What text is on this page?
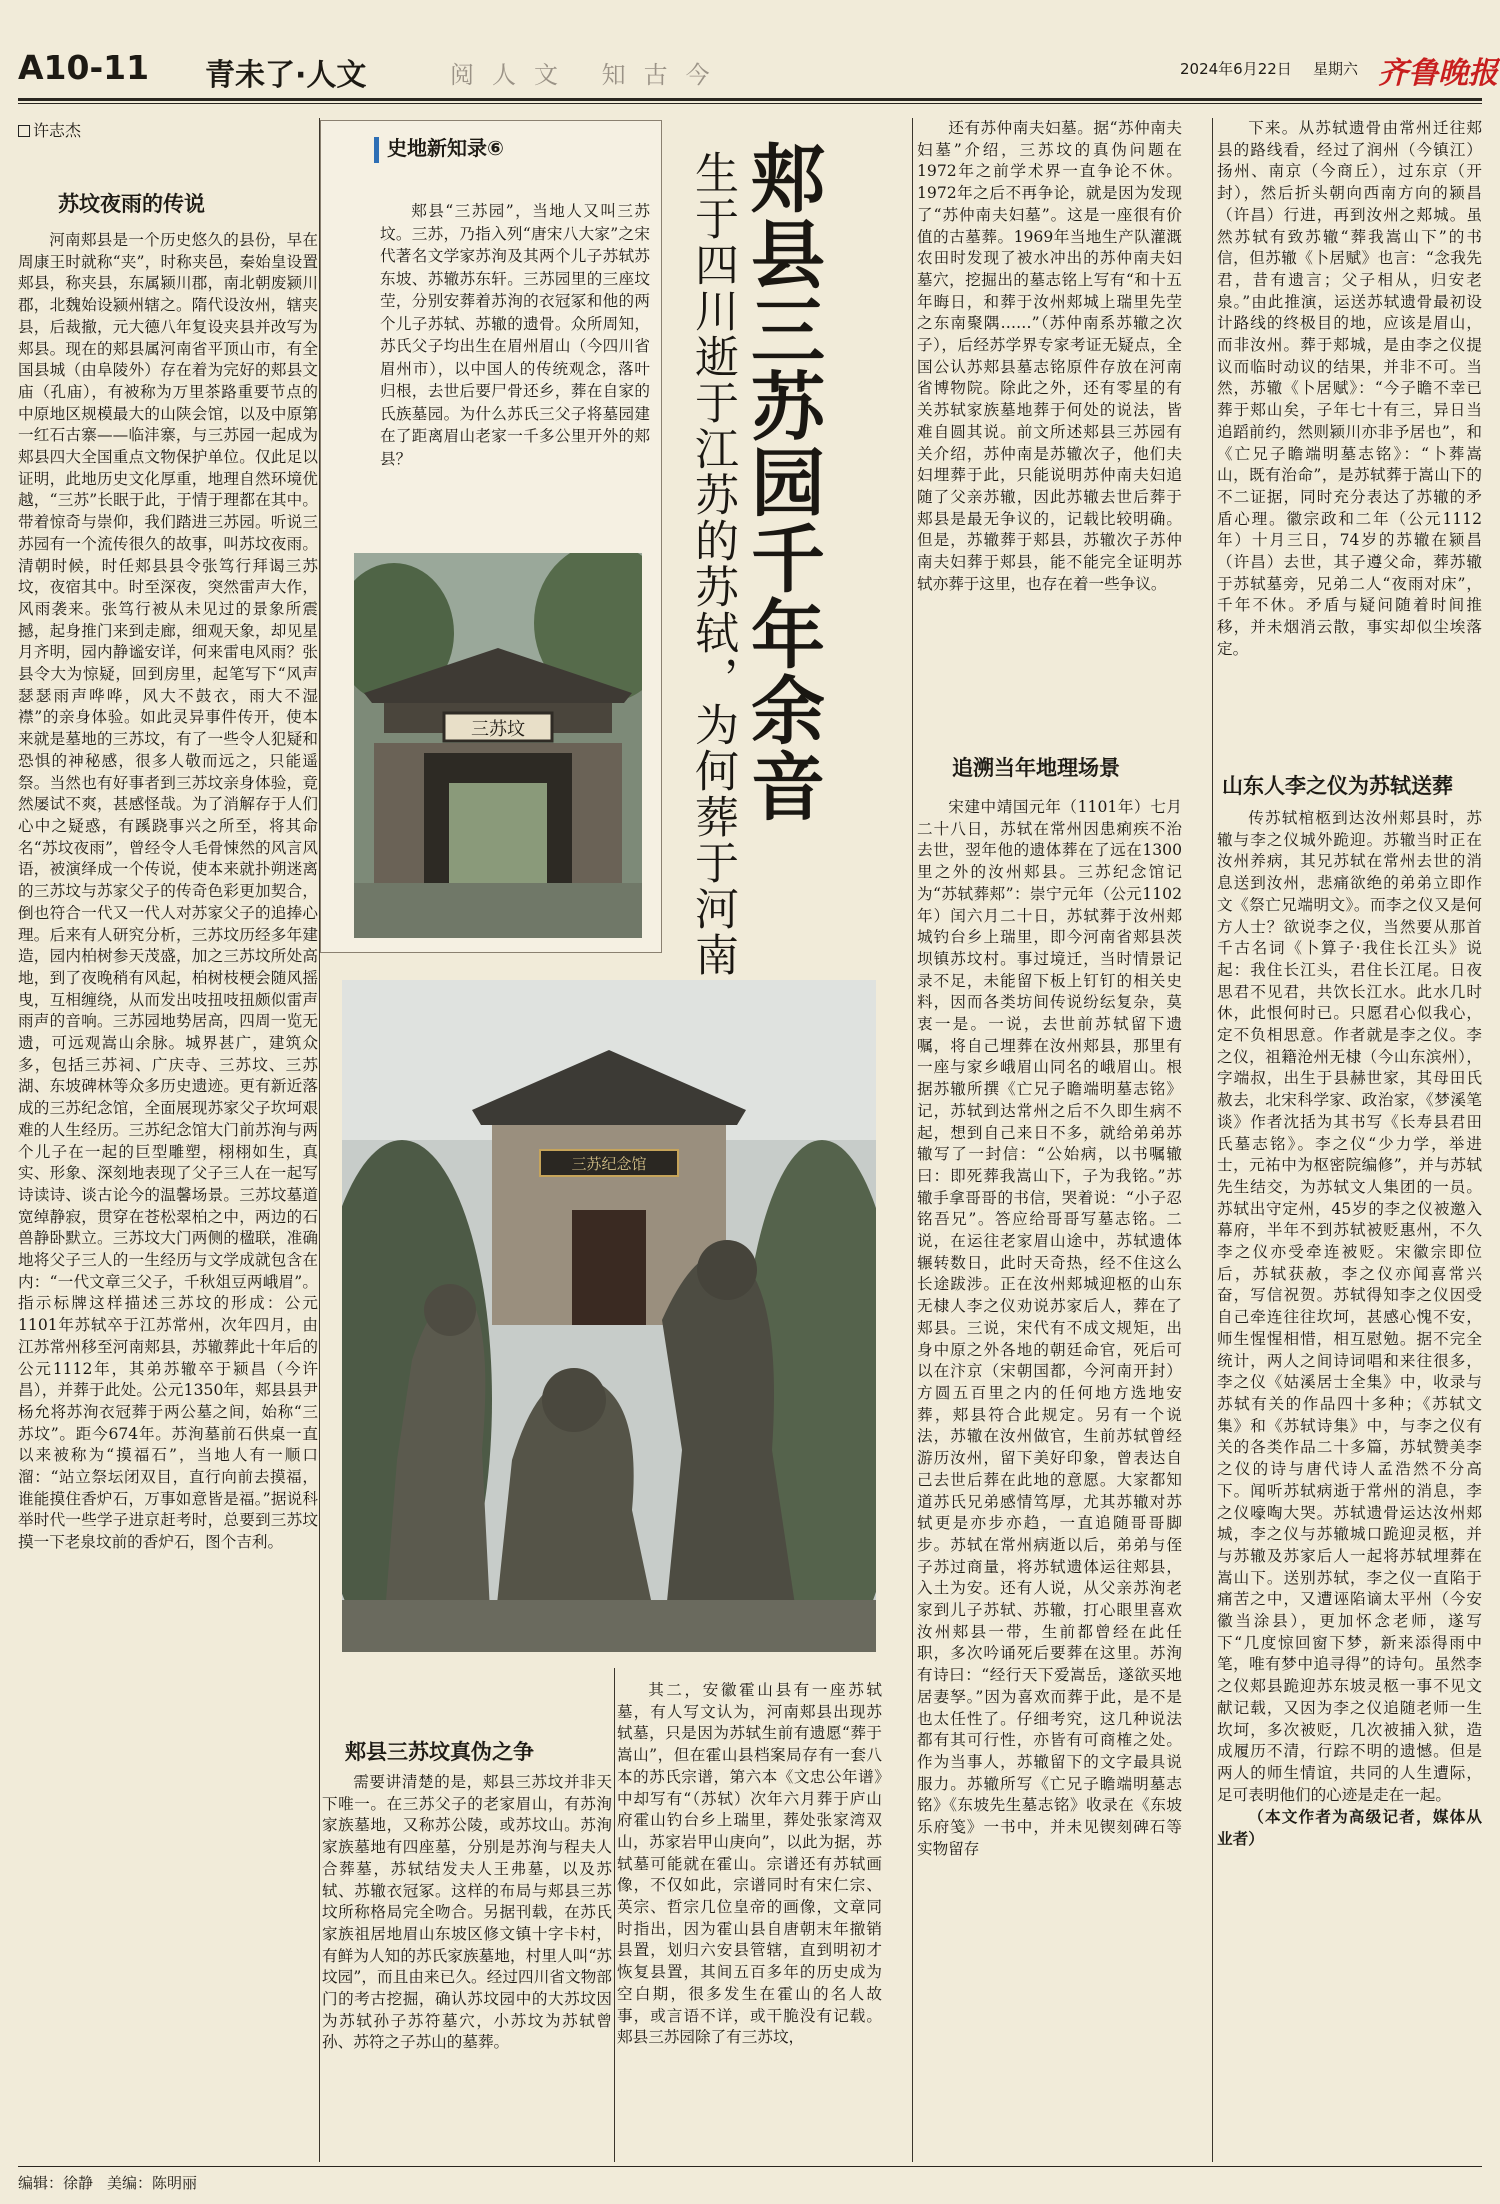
A10-11 青未了·人文	阅人文 知古今	2024年6月22日 星期六 齐鲁晚报
许志杰
苏坟夜雨的传说

河南郏县是一个历史悠久的县份，早在周康王时就称“夹”，时称夹邑，秦始皇设置郏县，称夹县，东属颍川郡，南北朝废颍川郡，北魏始设颍州辖之。隋代设汝州，辖夹县，后裁撤，元大德八年复设夹县并改写为郏县。现在的郏县属河南省平顶山市，有全国县城（由阜陵外）存在着为完好的郏县文庙（孔庙），有被称为万里茶路重要节点的中原地区规模最大的山陕会馆，以及中原第一红石古寨——临沣寨，与三苏园一起成为郏县四大全国重点文物保护单位。仅此足以证明，此地历史文化厚重，地理自然环境优越，“三苏”长眠于此，于情于理都在其中。带着惊奇与崇仰，我们踏进三苏园。听说三苏园有一个流传很久的故事，叫苏坟夜雨。清朝时候，时任郏县县令张笃行拜谒三苏坟，夜宿其中。时至深夜，突然雷声大作，风雨袭来。张笃行被从未见过的景象所震撼，起身推门来到走廊，细观天象，却见星月齐明，园内静谧安详，何来雷电风雨？张县令大为惊疑，回到房里，起笔写下“风声瑟瑟雨声哗哗，风大不鼓衣，雨大不湿襟”的亲身体验。如此灵异事件传开，使本来就是墓地的三苏坟，有了一些令人犯疑和恐惧的神秘感，很多人敬而远之，只能遥祭。当然也有好事者到三苏坟亲身体验，竟然屡试不爽，甚感怪哉。为了消解存于人们心中之疑惑，有蹊跷事兴之所至，将其命名“苏坟夜雨”，曾经令人毛骨悚然的风言风语，被演绎成一个传说，使本来就扑朔迷离的三苏坟与苏家父子的传奇色彩更加契合，倒也符合一代又一代人对苏家父子的追捧心理。后来有人研究分析，三苏坟历经多年建造，园内柏树参天茂盛，加之三苏坟所处高地，到了夜晚稍有风起，柏树枝梗会随风摇曳，互相缠绕，从而发出吱扭吱扭颇似雷声雨声的音响。三苏园地势居高，四周一览无遗，可远观嵩山余脉。城界甚广，建筑众多，包括三苏祠、广庆寺、三苏坟、三苏湖、东坡碑林等众多历史遗迹。更有新近落成的三苏纪念馆，全面展现苏家父子坎坷艰难的人生经历。三苏纪念馆大门前苏洵与两个儿子在一起的巨型雕塑，栩栩如生，真实、形象、深刻地表现了父子三人在一起写诗读诗、谈古论今的温馨场景。三苏坟墓道宽绰静寂，贯穿在苍松翠柏之中，两边的石兽静卧默立。三苏坟大门两侧的楹联，准确地将父子三人的一生经历与文学成就包含在内：“一代文章三父子，千秋俎豆两峨眉”。指示标牌这样描述三苏坟的形成：公元1101年苏轼卒于江苏常州，次年四月，由江苏常州移至河南郏县，苏辙葬此十年后的公元1112年，其弟苏辙卒于颍昌（今许昌），并葬于此处。公元1350年，郏县县尹杨允将苏洵衣冠葬于两公墓之间，始称“三苏坟”。距今674年。苏洵墓前石供桌一直以来被称为“摸福石”，当地人有一顺口溜：“站立祭坛闭双目，直行向前去摸福，谁能摸住香炉石，万事如意皆是福。”据说科举时代一些学子进京赶考时，总要到三苏坟摸一下老泉坟前的香炉石，图个吉利。

史地新知录⑥

郏县“三苏园”，当地人又叫三苏坟。三苏，乃指入列“唐宋八大家”之宋代著名文学家苏洵及其两个儿子苏轼苏东坡、苏辙苏东轩。三苏园里的三座坟茔，分别安葬着苏洵的衣冠冢和他的两个儿子苏轼、苏辙的遗骨。众所周知，苏氏父子均出生在眉州眉山（今四川省眉州市），以中国人的传统观念，落叶归根，去世后要尸骨还乡，葬在自家的氏族墓园。为什么苏氏三父子将墓园建在了距离眉山老家一千多公里开外的郏县？

三苏坟
三苏纪念馆
郏县三苏园千年余音
生于四川逝于江苏的苏轼，为何葬于河南
郏县三苏坟真伪之争

需要讲清楚的是，郏县三苏坟并非天下唯一。在三苏父子的老家眉山，有苏洵家族墓地，又称苏公陵，或苏坟山。苏洵家族墓地有四座墓，分别是苏洵与程夫人合葬墓，苏轼结发夫人王弗墓，以及苏轼、苏辙衣冠冢。这样的布局与郏县三苏坟所称格局完全吻合。另据刊载，在苏氏家族祖居地眉山东坡区修文镇十字卡村，有鲜为人知的苏氏家族墓地，村里人叫“苏坟园”，而且由来已久。经过四川省文物部门的考古挖掘，确认苏坟园中的大苏坟因为苏轼孙子苏符墓穴，小苏坟为苏轼曾孙、苏符之子苏山的墓葬。

其二，安徽霍山县有一座苏轼墓，有人写文认为，河南郏县出现苏轼墓，只是因为苏轼生前有遗愿“葬于嵩山”，但在霍山县档案局存有一套八本的苏氏宗谱，第六本《文忠公年谱》中却写有“（苏轼）次年六月葬于庐山府霍山钓台乡上瑞里，葬处张家湾双山，苏家岩甲山庚向”，以此为据，苏轼墓可能就在霍山。宗谱还有苏轼画像，不仅如此，宗谱同时有宋仁宗、英宗、哲宗几位皇帝的画像，文章同时指出，因为霍山县自唐朝末年撤销县置，划归六安县管辖，直到明初才恢复县置，其间五百多年的历史成为空白期，很多发生在霍山的名人故事，或言语不详，或干脆没有记载。郏县三苏园除了有三苏坟，

还有苏仲南夫妇墓。据“苏仲南夫妇墓”介绍，三苏坟的真伪问题在1972年之前学术界一直争论不休。1972年之后不再争论，就是因为发现了“苏仲南夫妇墓”。这是一座很有价值的古墓葬。1969年当地生产队灌溉农田时发现了被水冲出的苏仲南夫妇墓穴，挖掘出的墓志铭上写有“和十五年晦日，和葬于汝州郏城上瑞里先茔之东南聚隅……”（苏仲南系苏辙之次子），后经苏学界专家考证无疑点，全国公认苏郏县墓志铭原件存放在河南省博物院。除此之外，还有零星的有关苏轼家族墓地葬于何处的说法，皆难自圆其说。前文所述郏县三苏园有关介绍，苏仲南是苏辙次子，他们夫妇埋葬于此，只能说明苏仲南夫妇追随了父亲苏辙，因此苏辙去世后葬于郏县是最无争议的，记载比较明确。但是，苏辙葬于郏县，苏辙次子苏仲南夫妇葬于郏县，能不能完全证明苏轼亦葬于这里，也存在着一些争议。

追溯当年地理场景

宋建中靖国元年（1101年）七月二十八日，苏轼在常州因患痢疾不治去世，翌年他的遗体葬在了远在1300里之外的汝州郏县。三苏纪念馆记为“苏轼葬郏”：崇宁元年（公元1102年）闰六月二十日，苏轼葬于汝州郏城钓台乡上瑞里，即今河南省郏县茨坝镇苏坟村。事过境迁，当时情景记录不足，未能留下板上钉钉的相关史料，因而各类坊间传说纷纭复杂，莫衷一是。一说，去世前苏轼留下遗嘱，将自己埋葬在汝州郏县，那里有一座与家乡峨眉山同名的峨眉山。根据苏辙所撰《亡兄子瞻端明墓志铭》记，苏轼到达常州之后不久即生病不起，想到自己来日不多，就给弟弟苏辙写了一封信：“公始病，以书嘱辙曰：即死葬我嵩山下，子为我铭。”苏辙手拿哥哥的书信，哭着说：“小子忍铭吾兄”。答应给哥哥写墓志铭。二说，在运往老家眉山途中，苏轼遗体辗转数日，此时天奇热，经不住这么长途跋涉。正在汝州郏城迎柩的山东无棣人李之仪劝说苏家后人，葬在了郏县。三说，宋代有不成文规矩，出身中原之外各地的朝廷命官，死后可以在汴京（宋朝国都，今河南开封）方圆五百里之内的任何地方选地安葬，郏县符合此规定。另有一个说法，苏辙在汝州做官，生前苏轼曾经游历汝州，留下美好印象，曾表达自己去世后葬在此地的意愿。大家都知道苏氏兄弟感情笃厚，尤其苏辙对苏轼更是亦步亦趋，一直追随哥哥脚步。苏轼在常州病逝以后，弟弟与侄子苏过商量，将苏轼遗体运往郏县，入土为安。还有人说，从父亲苏洵老家到儿子苏轼、苏辙，打心眼里喜欢汝州郏县一带，生前都曾经在此任职，多次吟诵死后要葬在这里。苏洵有诗曰：“经行天下爱嵩岳，遂欲买地居妻孥。”因为喜欢而葬于此，是不是也太任性了。仔细考究，这几种说法都有其可行性，亦皆有可商榷之处。作为当事人，苏辙留下的文字最具说服力。苏辙所写《亡兄子瞻端明墓志铭》《东坡先生墓志铭》收录在《东坡乐府笺》一书中，并未见锲刻碑石等实物留存

下来。从苏轼遗骨由常州迁往郏县的路线看，经过了润州（今镇江）扬州、南京（今商丘），过东京（开封），然后折头朝向西南方向的颍昌（许昌）行进，再到汝州之郏城。虽然苏轼有致苏辙“葬我嵩山下”的书信，但苏辙《卜居赋》也言：“念我先君，昔有遗言；父子相从，归安老泉。”由此推演，运送苏轼遗骨最初设计路线的终极目的地，应该是眉山，而非汝州。葬于郏城，是由李之仪提议而临时动议的结果，并非不可。当然，苏辙《卜居赋》：“今子瞻不幸已葬于郏山矣，子年七十有三，异日当追蹈前约，然则颍川亦非予居也”，和《亡兄子瞻端明墓志铭》：“卜葬嵩山，既有治命”，是苏轼葬于嵩山下的不二证据，同时充分表达了苏辙的矛盾心理。徽宗政和二年（公元1112年）十月三日，74岁的苏辙在颍昌（许昌）去世，其子遵父命，葬苏辙于苏轼墓旁，兄弟二人“夜雨对床”，千年不休。矛盾与疑问随着时间推移，并未烟消云散，事实却似尘埃落定。

山东人李之仪为苏轼送葬

传苏轼棺柩到达汝州郏县时，苏辙与李之仪城外跪迎。苏辙当时正在汝州养病，其兄苏轼在常州去世的消息送到汝州，悲痛欲绝的弟弟立即作文《祭亡兄端明文》。而李之仪又是何方人士？欲说李之仪，当然要从那首千古名词《卜算子·我住长江头》说起：我住长江头，君住长江尾。日夜思君不见君，共饮长江水。此水几时休，此恨何时已。只愿君心似我心，定不负相思意。作者就是李之仪。李之仪，祖籍沧州无棣（今山东滨州），字端叔，出生于县赫世家，其母田氏赦去，北宋科学家、政治家，《梦溪笔谈》作者沈括为其书写《长寿县君田氏墓志铭》。李之仪“少力学，举进士，元祐中为枢密院编修”，并与苏轼先生结交，为苏轼文人集团的一员。苏轼出守定州，45岁的李之仪被邀入幕府，半年不到苏轼被贬惠州，不久李之仪亦受牵连被贬。宋徽宗即位后，苏轼获赦，李之仪亦闻喜常兴奋，写信祝贺。苏轼得知李之仪因受自己牵连往往坎坷，甚感心愧不安，师生惺惺相惜，相互慰勉。据不完全统计，两人之间诗词唱和来往很多，李之仪《姑溪居士全集》中，收录与苏轼有关的作品四十多种；《苏轼文集》和《苏轼诗集》中，与李之仪有关的各类作品二十多篇，苏轼赞美李之仪的诗与唐代诗人孟浩然不分高下。闻听苏轼病逝于常州的消息，李之仪嚎啕大哭。苏轼遗骨运达汝州郏城，李之仪与苏辙城口跪迎灵柩，并与苏辙及苏家后人一起将苏轼埋葬在嵩山下。送别苏轼，李之仪一直陷于痛苦之中，又遭诬陷谪太平州（今安徽当涂县），更加怀念老师，遂写下“几度惊回窗下梦，新来添得雨中笔，唯有梦中追寻得”的诗句。虽然李之仪郏县跪迎苏东坡灵柩一事不见文献记载，又因为李之仪追随老师一生坎坷，多次被贬，几次被捕入狱，造成履历不清，行踪不明的遗憾。但是两人的师生情谊，共同的人生遭际，足可表明他们的心迹是走在一起。

（本文作者为高级记者，媒体从业者）

编辑：徐静 美编：陈明丽
